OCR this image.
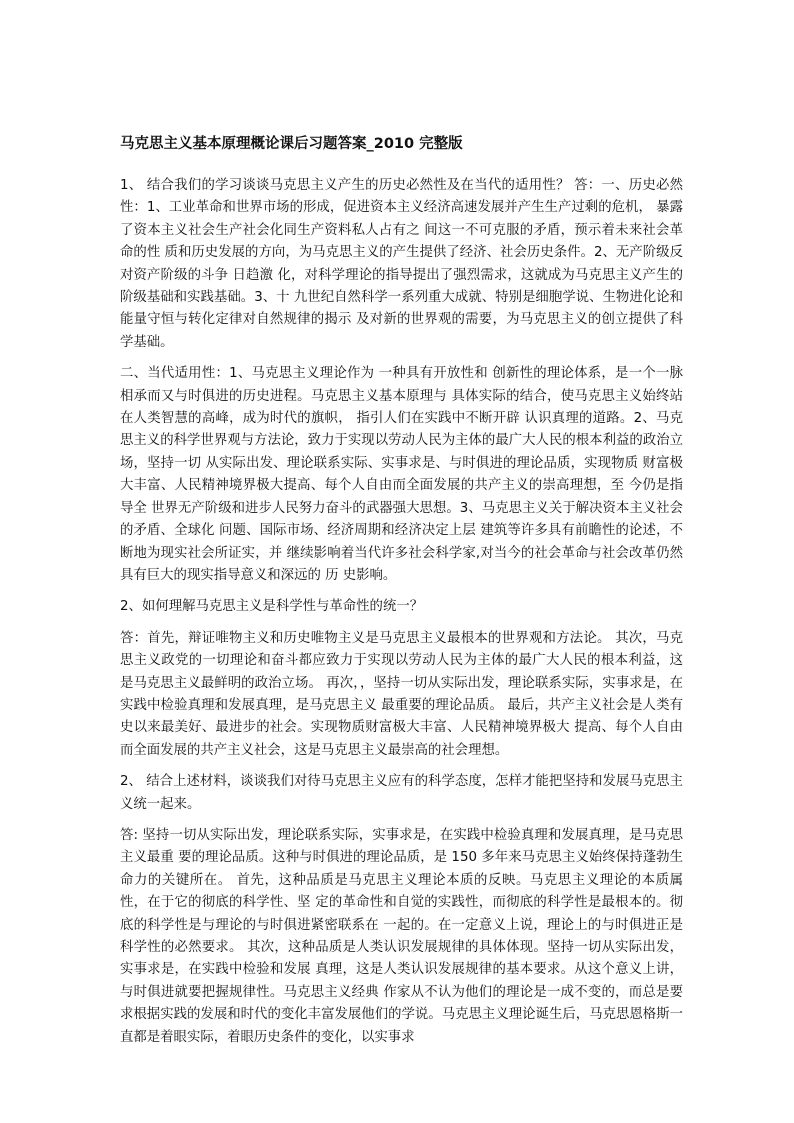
马克思主义基本原理概论课后习题答案_2010 完整版

1、 结合我们的学习谈谈马克思主义产生的历史必然性及在当代的适用性？ 答：一、历史必然性：1、工业革命和世界市场的形成，促进资本主义经济高速发展并产生生产过剩的危机， 暴露了资本主义社会生产社会化同生产资料私人占有之 间这一不可克服的矛盾，预示着未来社会革命的性 质和历史发展的方向，为马克思主义的产生提供了经济、社会历史条件。2、无产阶级反对资产阶级的斗争 日趋激 化，对科学理论的指导提出了强烈需求，这就成为马克思主义产生的阶级基础和实践基础。3、十 九世纪自然科学一系列重大成就、特别是细胞学说、生物进化论和 能量守恒与转化定律对自然规律的揭示 及对新的世界观的需要，为马克思主义的创立提供了科学基础。

二、当代适用性：1、马克思主义理论作为 一种具有开放性和 创新性的理论体系，是一个一脉相承而又与时俱进的历史进程。马克思主义基本原理与 具体实际的结合，使马克思主义始终站在人类智慧的高峰，成为时代的旗帜， 指引人们在实践中不断开辟 认识真理的道路。2、马克思主义的科学世界观与方法论，致力于实现以劳动人民为主体的最广大人民的根本利益的政治立场，坚持一切 从实际出发、理论联系实际、实事求是、与时俱进的理论品质，实现物质 财富极大丰富、人民精神境界极大提高、每个人自由而全面发展的共产主义的崇高理想，至 今仍是指导全 世界无产阶级和进步人民努力奋斗的武器强大思想。3、马克思主义关于解决资本主义社会的矛盾、全球化 问题、国际市场、经济周期和经济决定上层 建筑等许多具有前瞻性的论述，不断地为现实社会所证实，并 继续影响着当代许多社会科学家,对当今的社会革命与社会改革仍然具有巨大的现实指导意义和深远的 历 史影响。

2、如何理解马克思主义是科学性与革命性的统一？

答：首先，辩证唯物主义和历史唯物主义是马克思主义最根本的世界观和方法论。 其次，马克思主义政党的一切理论和奋斗都应致力于实现以劳动人民为主体的最广大人民的根本利益，这 是马克思主义最鲜明的政治立场。 再次，，坚持一切从实际出发，理论联系实际，实事求是，在实践中检验真理和发展真理，是马克思主义 最重要的理论品质。 最后，共产主义社会是人类有史以来最美好、最进步的社会。实现物质财富极大丰富、人民精神境界极大 提高、每个人自由而全面发展的共产主义社会，这是马克思主义最崇高的社会理想。

2、 结合上述材料，谈谈我们对待马克思主义应有的科学态度，怎样才能把坚持和发展马克思主义统一起来。

答: 坚持一切从实际出发，理论联系实际，实事求是，在实践中检验真理和发展真理，是马克思主义最重 要的理论品质。这种与时俱进的理论品质，是 150 多年来马克思主义始终保持蓬勃生命力的关键所在。 首先，这种品质是马克思主义理论本质的反映。马克思主义理论的本质属性，在于它的彻底的科学性、坚 定的革命性和自觉的实践性，而彻底的科学性是最根本的。彻底的科学性是与理论的与时俱进紧密联系在 一起的。在一定意义上说，理论上的与时俱进正是科学性的必然要求。 其次，这种品质是人类认识发展规律的具体体现。坚持一切从实际出发，实事求是，在实践中检验和发展 真理，这是人类认识发展规律的基本要求。从这个意义上讲，与时俱进就要把握规律性。马克思主义经典 作家从不认为他们的理论是一成不变的，而总是要求根据实践的发展和时代的变化丰富发展他们的学说。马克思主义理论诞生后，马克思恩格斯一直都是着眼实际，着眼历史条件的变化，以实事求
